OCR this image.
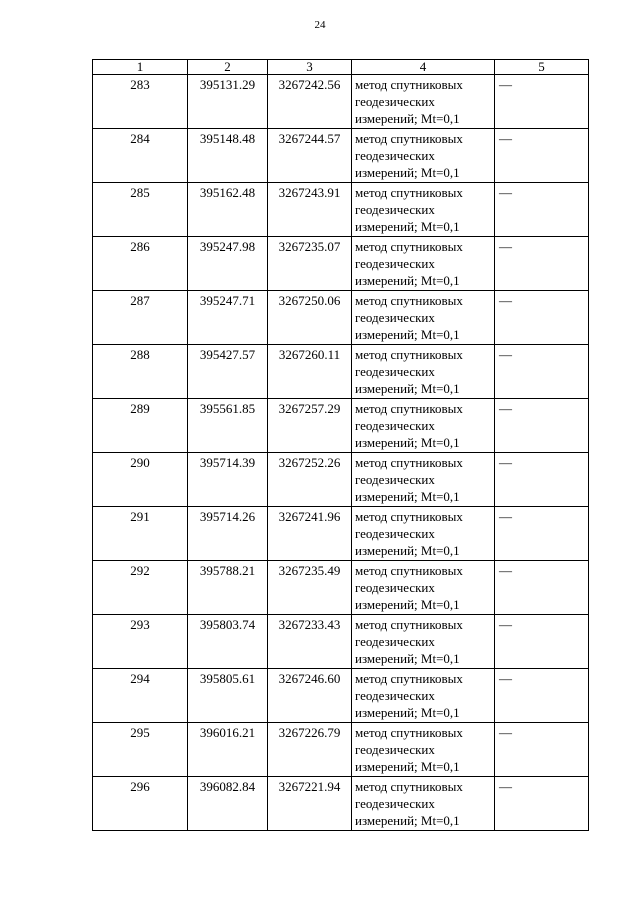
24
1	2	3	4	5
283	395131.29	3267242.56	метод спутниковых
геодезических
измерений; Mt=0,1	—
284	395148.48	3267244.57	метод спутниковых
геодезических
измерений; Mt=0,1	—
285	395162.48	3267243.91	метод спутниковых
геодезических
измерений; Mt=0,1	—
286	395247.98	3267235.07	метод спутниковых
геодезических
измерений; Mt=0,1	—
287	395247.71	3267250.06	метод спутниковых
геодезических
измерений; Mt=0,1	—
288	395427.57	3267260.11	метод спутниковых
геодезических
измерений; Mt=0,1	—
289	395561.85	3267257.29	метод спутниковых
геодезических
измерений; Mt=0,1	—
290	395714.39	3267252.26	метод спутниковых
геодезических
измерений; Mt=0,1	—
291	395714.26	3267241.96	метод спутниковых
геодезических
измерений; Mt=0,1	—
292	395788.21	3267235.49	метод спутниковых
геодезических
измерений; Mt=0,1	—
293	395803.74	3267233.43	метод спутниковых
геодезических
измерений; Mt=0,1	—
294	395805.61	3267246.60	метод спутниковых
геодезических
измерений; Mt=0,1	—
295	396016.21	3267226.79	метод спутниковых
геодезических
измерений; Mt=0,1	—
296	396082.84	3267221.94	метод спутниковых
геодезических
измерений; Mt=0,1	—
